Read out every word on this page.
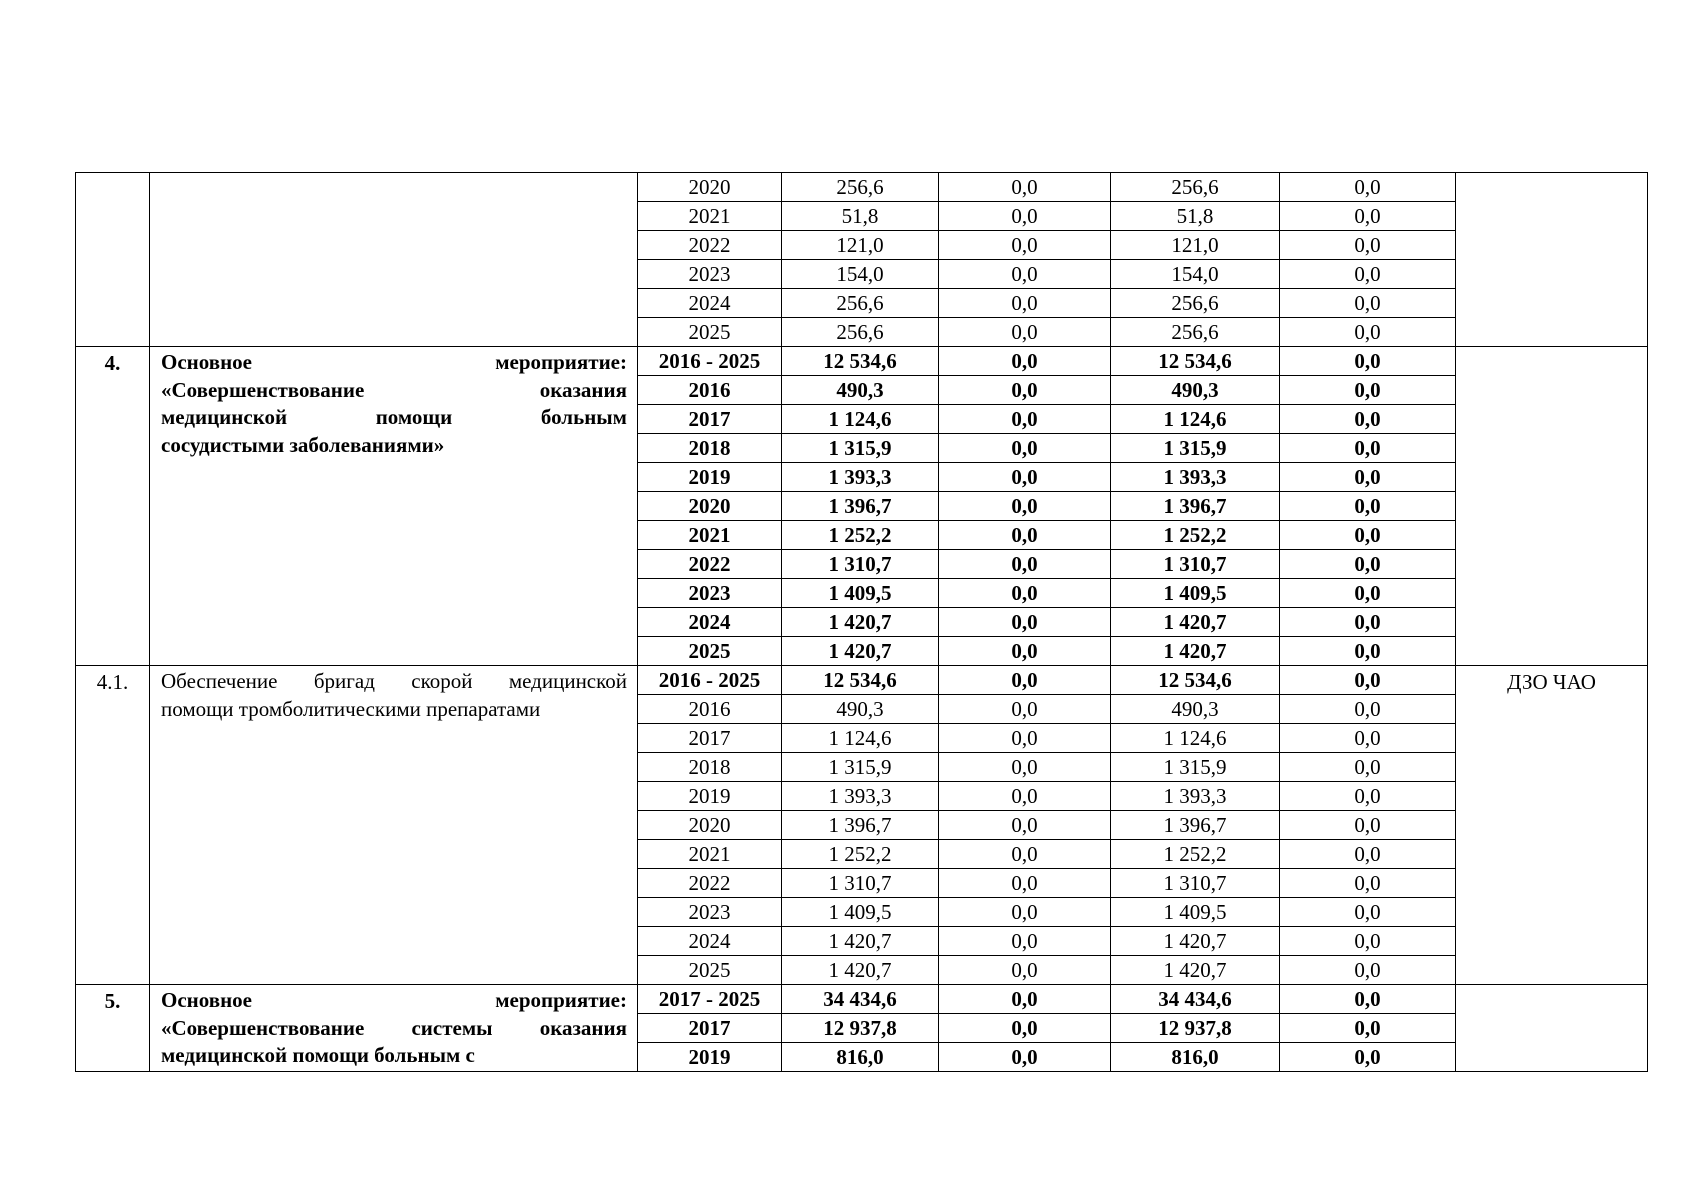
		2020	256,6	0,0	256,6	0,0	
		2021	51,8	0,0	51,8	0,0	
		2022	121,0	0,0	121,0	0,0	
		2023	154,0	0,0	154,0	0,0	
		2024	256,6	0,0	256,6	0,0	
		2025	256,6	0,0	256,6	0,0	
4.	Основное мероприятие:
«Совершенствование оказания
медицинской помощи больным
сосудистыми заболеваниями»	2016 - 2025	12 534,6	0,0	12 534,6	0,0	
		2016	490,3	0,0	490,3	0,0	
		2017	1 124,6	0,0	1 124,6	0,0	
		2018	1 315,9	0,0	1 315,9	0,0	
		2019	1 393,3	0,0	1 393,3	0,0	
		2020	1 396,7	0,0	1 396,7	0,0	
		2021	1 252,2	0,0	1 252,2	0,0	
		2022	1 310,7	0,0	1 310,7	0,0	
		2023	1 409,5	0,0	1 409,5	0,0	
		2024	1 420,7	0,0	1 420,7	0,0	
		2025	1 420,7	0,0	1 420,7	0,0	
4.1.	Обеспечение бригад скорой медицинской
помощи тромболитическими препаратами	2016 - 2025	12 534,6	0,0	12 534,6	0,0	ДЗО ЧАО
		2016	490,3	0,0	490,3	0,0	
		2017	1 124,6	0,0	1 124,6	0,0	
		2018	1 315,9	0,0	1 315,9	0,0	
		2019	1 393,3	0,0	1 393,3	0,0	
		2020	1 396,7	0,0	1 396,7	0,0	
		2021	1 252,2	0,0	1 252,2	0,0	
		2022	1 310,7	0,0	1 310,7	0,0	
		2023	1 409,5	0,0	1 409,5	0,0	
		2024	1 420,7	0,0	1 420,7	0,0	
		2025	1 420,7	0,0	1 420,7	0,0	
5.	Основное мероприятие:
«Совершенствование системы оказания
медицинской помощи больным с	2017 - 2025	34 434,6	0,0	34 434,6	0,0	
		2017	12 937,8	0,0	12 937,8	0,0	
		2019	816,0	0,0	816,0	0,0	
